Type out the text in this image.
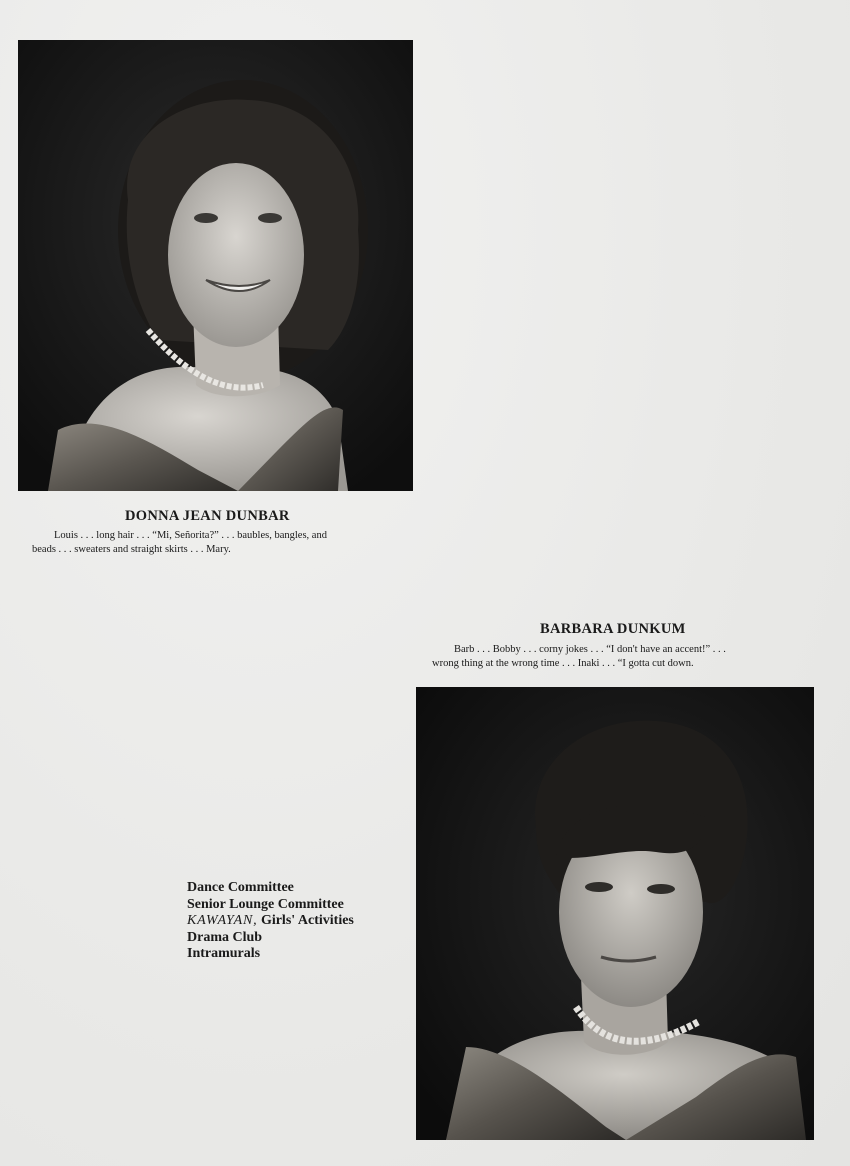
DONNA JEAN DUNBAR
Louis . . . long hair . . . “Mi, Señorita?” . . . baubles, bangles, and
beads . . . sweaters and straight skirts . . . Mary.
BARBARA DUNKUM
Barb . . . Bobby . . . corny jokes . . . “I don't have an accent!” . . .
wrong thing at the wrong time . . . Inaki . . . “I gotta cut down.
Dance Committee
Senior Lounge Committee
KAWAYAN, Girls' Activities
Drama Club
Intramurals
